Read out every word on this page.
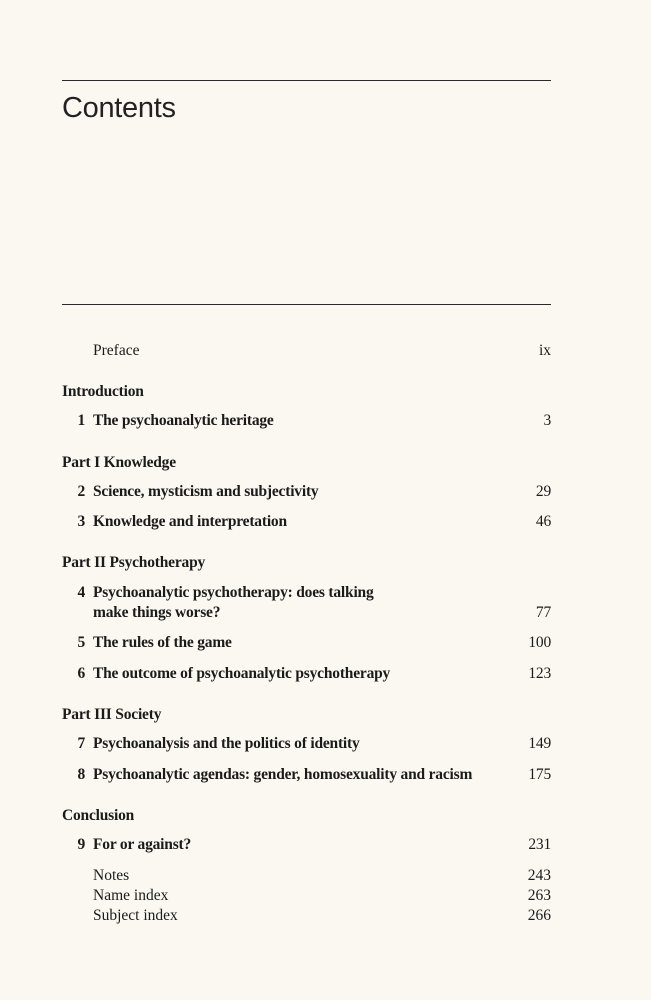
Contents
Preface	ix
Introduction
1 The psychoanalytic heritage	3
Part I Knowledge
2 Science, mysticism and subjectivity	29
3 Knowledge and interpretation	46
Part II Psychotherapy
4 Psychoanalytic psychotherapy: does talking
make things worse?	77
5 The rules of the game	100
6 The outcome of psychoanalytic psychotherapy	123
Part III Society
7 Psychoanalysis and the politics of identity	149
8 Psychoanalytic agendas: gender, homosexuality and racism	175
Conclusion
9 For or against?	231
Notes	243
Name index	263
Subject index	266
